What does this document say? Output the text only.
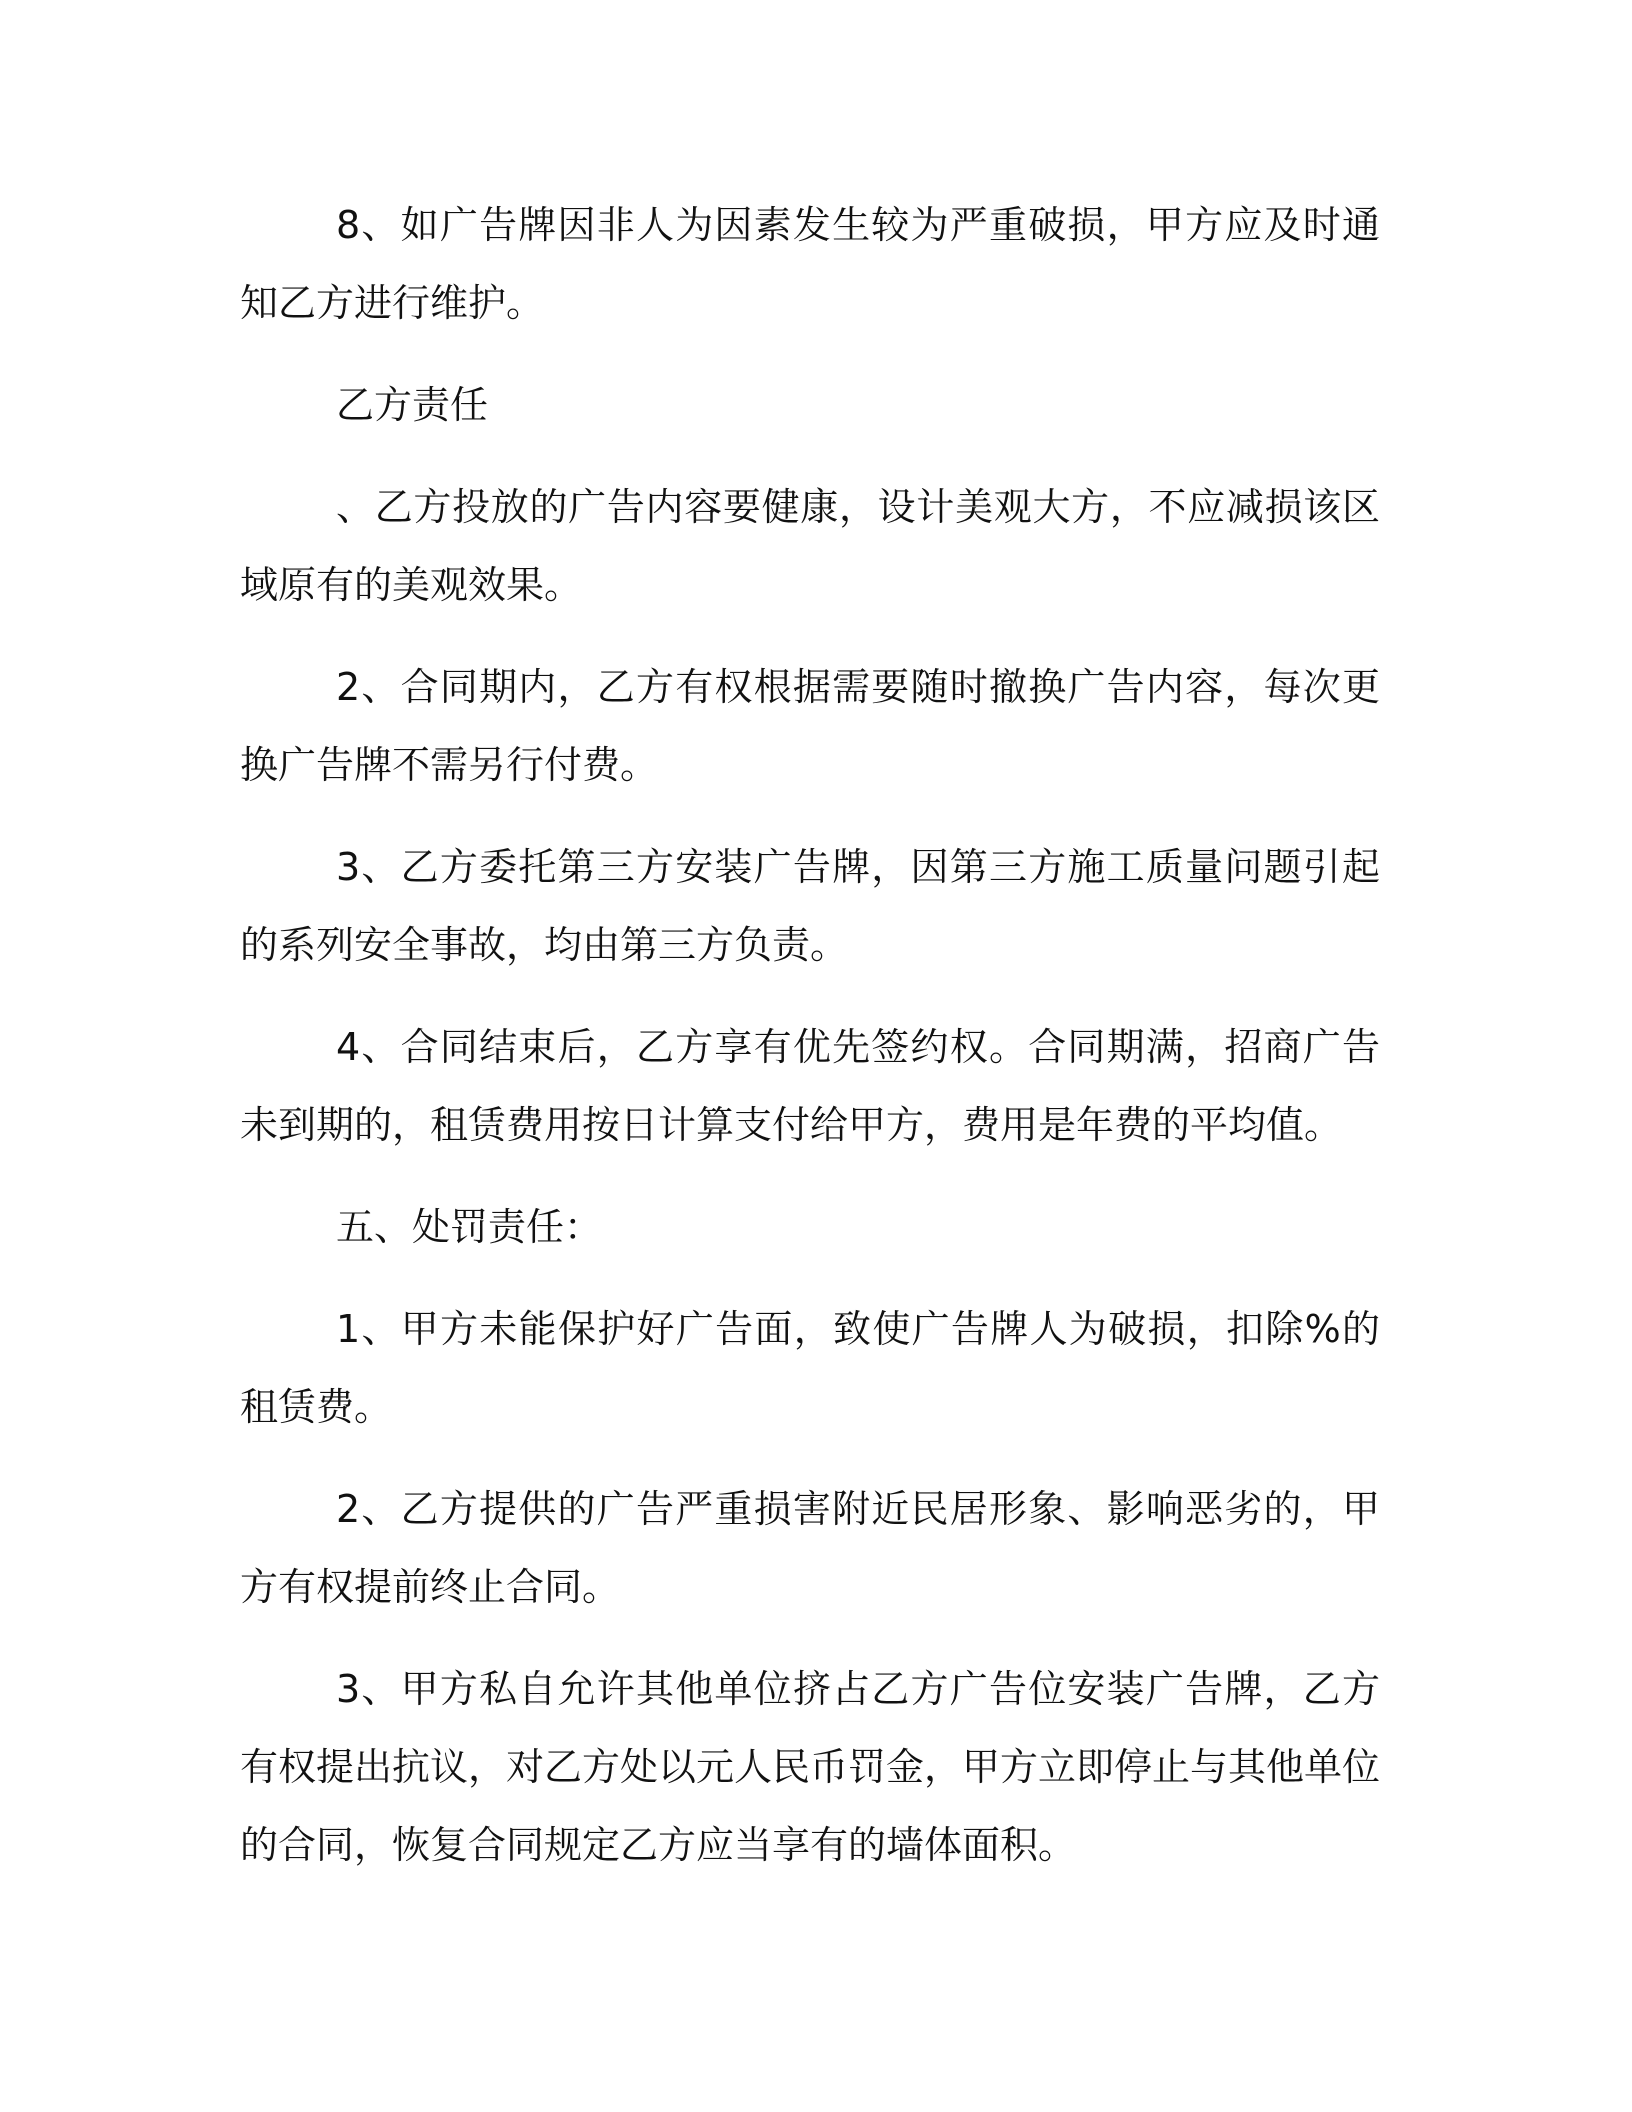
8、如广告牌因非人为因素发生较为严重破损，甲方应及时通知乙方进行维护。

乙方责任

、乙方投放的广告内容要健康，设计美观大方，不应减损该区域原有的美观效果。

2、合同期内，乙方有权根据需要随时撤换广告内容，每次更换广告牌不需另行付费。

3、乙方委托第三方安装广告牌，因第三方施工质量问题引起的系列安全事故，均由第三方负责。

4、合同结束后，乙方享有优先签约权。合同期满，招商广告未到期的，租赁费用按日计算支付给甲方，费用是年费的平均值。

五、处罚责任：

1、甲方未能保护好广告面，致使广告牌人为破损，扣除%的租赁费。

2、乙方提供的广告严重损害附近民居形象、影响恶劣的，甲方有权提前终止合同。

3、甲方私自允许其他单位挤占乙方广告位安装广告牌，乙方有权提出抗议，对乙方处以元人民币罚金，甲方立即停止与其他单位的合同，恢复合同规定乙方应当享有的墙体面积。
